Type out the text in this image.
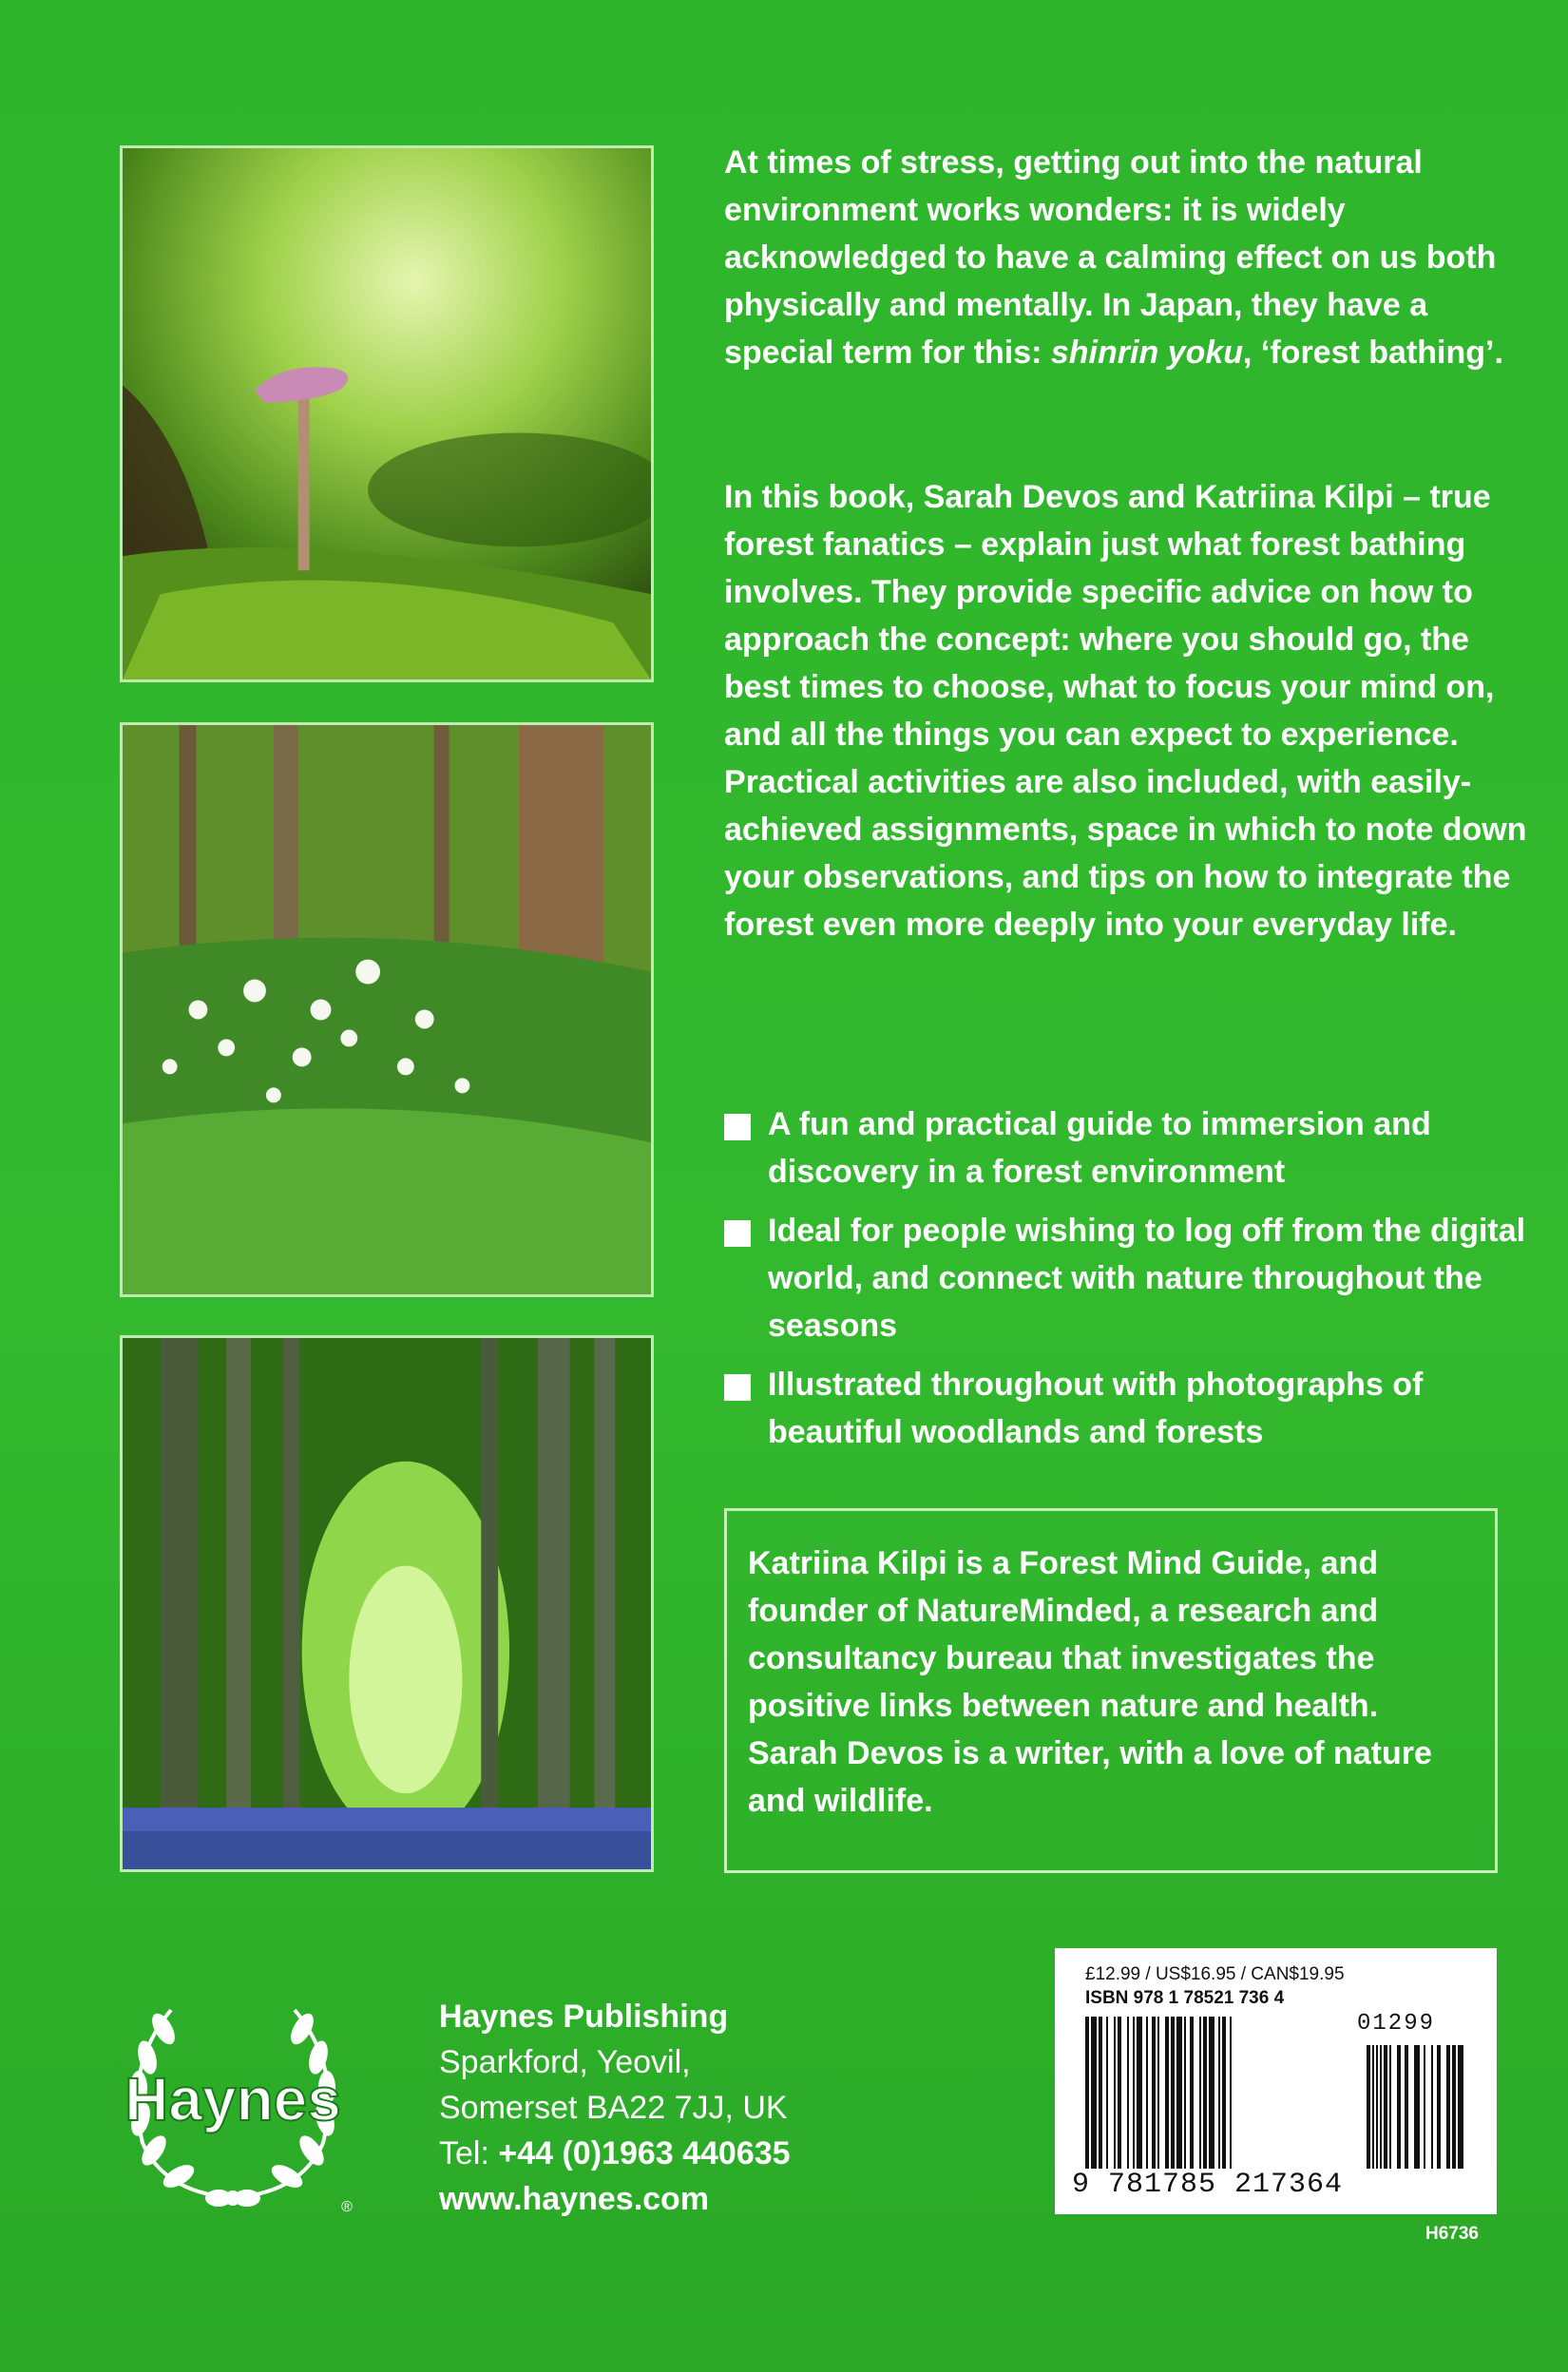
At times of stress, getting out into the natural environment works wonders: it is widely acknowledged to have a calming effect on us both physically and mentally. In Japan, they have a special term for this: shinrin yoku, ‘forest bathing’.

In this book, Sarah Devos and Katriina Kilpi – true forest fanatics – explain just what forest bathing involves. They provide specific advice on how to approach the concept: where you should go, the best times to choose, what to focus your mind on, and all the things you can expect to experience. Practical activities are also included, with easily-achieved assignments, space in which to note down your observations, and tips on how to integrate the forest even more deeply into your everyday life.

A fun and practical guide to immersion and discovery in a forest environment
Ideal for people wishing to log off from the digital world, and connect with nature throughout the seasons
Illustrated throughout with photographs of beautiful woodlands and forests

Katriina Kilpi is a Forest Mind Guide, and founder of NatureMinded, a research and consultancy bureau that investigates the positive links between nature and health. Sarah Devos is a writer, with a love of nature and wildlife.

Haynes
®
Haynes Publishing
Sparkford, Yeovil,
Somerset BA22 7JJ, UK
Tel: +44 (0)1963 440635
www.haynes.com

£12.99 / US$16.95 / CAN$19.95

ISBN 978 1 78521 736 4

01299
9 781785 217364
H6736
